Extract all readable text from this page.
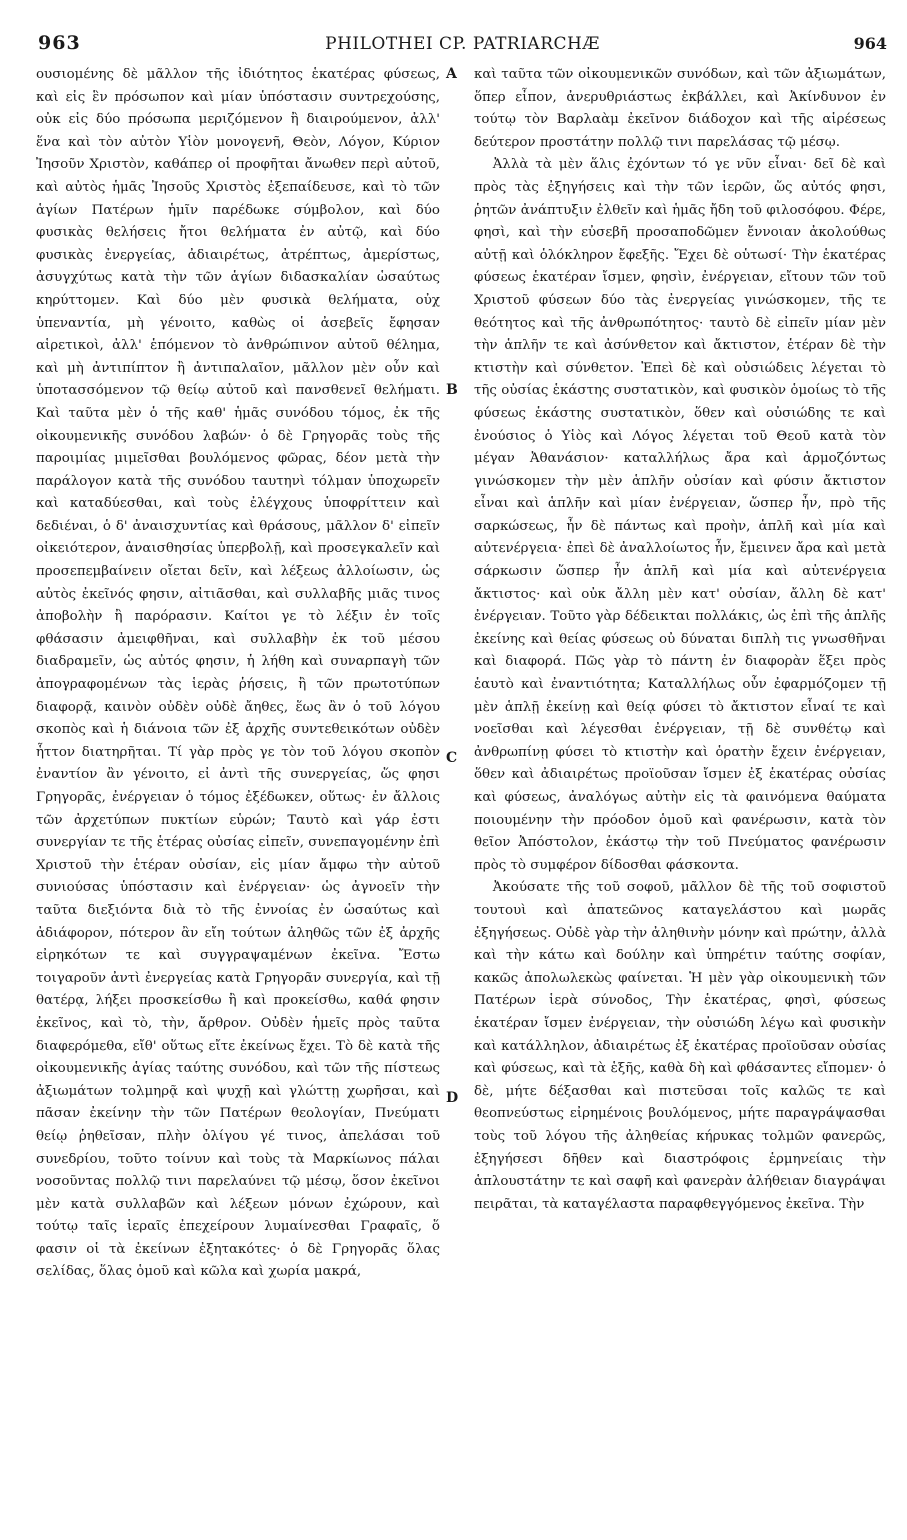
963	PHILOTHEI CP. PATRIARCHÆ	964

ουσιομένης δὲ μᾶλλον τῆς ἰδιότητος ἑκατέρας φύσεως, καὶ εἰς ἓν πρόσωπον καὶ μίαν ὑπόστασιν συντρεχούσης, οὐκ εἰς δύο πρόσωπα μεριζόμενον ἢ διαιρούμενον, ἀλλ' ἕνα καὶ τὸν αὐτὸν Υἱὸν μονογενῆ, Θεὸν, Λόγον, Κύριον Ἰησοῦν Χριστὸν, καθάπερ οἱ προφῆται ἄνωθεν περὶ αὐτοῦ, καὶ αὐτὸς ἡμᾶς Ἰησοῦς Χριστὸς ἐξεπαίδευσε, καὶ τὸ τῶν ἁγίων Πατέρων ἡμῖν παρέδωκε σύμβολον, καὶ δύο φυσικὰς θελήσεις ἤτοι θελήματα ἐν αὐτῷ, καὶ δύο φυσικὰς ἐνεργείας, ἀδιαιρέτως, ἀτρέπτως, ἀμερίστως, ἀσυγχύτως κατὰ τὴν τῶν ἁγίων διδασκαλίαν ὡσαύτως κηρύττομεν. Καὶ δύο μὲν φυσικὰ θελήματα, οὐχ ὑπεναντία, μὴ γένοιτο, καθὼς οἱ ἀσεβεῖς ἔφησαν αἱρετικοὶ, ἀλλ' ἑπόμενον τὸ ἀνθρώπινον αὐτοῦ θέλημα, καὶ μὴ ἀντιπίπτον ἢ ἀντιπαλαῖον, μᾶλλον μὲν οὖν καὶ ὑποτασσόμενον τῷ θείῳ αὐτοῦ καὶ πανσθενεῖ θελήματι. Καὶ ταῦτα μὲν ὁ τῆς καθ' ἡμᾶς συνόδου τόμος, ἐκ τῆς οἰκουμενικῆς συνόδου λαβών· ὁ δὲ Γρηγορᾶς τοὺς τῆς παροιμίας μιμεῖσθαι βουλόμενος φῶρας, δέον μετὰ τὴν παράλογον κατὰ τῆς συνόδου ταυτηνὶ τόλμαν ὑποχωρεῖν καὶ καταδύεσθαι, καὶ τοὺς ἐλέγχους ὑποφρίττειν καὶ δεδιέναι, ὁ δ' ἀναισχυντίας καὶ θράσους, μᾶλλον δ' εἰπεῖν οἰκειότερον, ἀναισθησίας ὑπερβολῇ, καὶ προσεγκαλεῖν καὶ προσεπεμβαίνειν οἴεται δεῖν, καὶ λέξεως ἀλλοίωσιν, ὡς αὐτὸς ἐκεῖνός φησιν, αἰτιᾶσθαι, καὶ συλλαβῆς μιᾶς τινος ἀποβολὴν ἢ παρόρασιν. Καίτοι γε τὸ λέξιν ἐν τοῖς φθάσασιν ἀμειφθῆναι, καὶ συλλαβὴν ἐκ τοῦ μέσου διαδραμεῖν, ὡς αὐτός φησιν, ἡ λήθη καὶ συναρπαγὴ τῶν ἀπογραφομένων τὰς ἱερὰς ῥήσεις, ἢ τῶν πρωτοτύπων διαφορᾷ, καινὸν οὐδὲν οὐδὲ ἄηθες, ἕως ἂν ὁ τοῦ λόγου σκοπὸς καὶ ἡ διάνοια τῶν ἐξ ἀρχῆς συντεθεικότων οὐδὲν ἧττον διατηρῆται. Τί γὰρ πρὸς γε τὸν τοῦ λόγου σκοπὸν ἐναντίον ἂν γένοιτο, εἰ ἀντὶ τῆς συνεργείας, ὥς φησι Γρηγορᾶς, ἐνέργειαν ὁ τόμος ἐξέδωκεν, οὕτως· ἐν ἄλλοις τῶν ἀρχετύπων πυκτίων εὑρών; Ταυτὸ καὶ γάρ ἐστι συνεργίαν τε τῆς ἑτέρας οὐσίας εἰπεῖν, συνεπαγομένην ἐπὶ Χριστοῦ τὴν ἑτέραν οὐσίαν, εἰς μίαν ἄμφω τὴν αὐτοῦ συνιούσας ὑπόστασιν καὶ ἐνέργειαν· ὡς ἀγνοεῖν τὴν ταῦτα διεξιόντα διὰ τὸ τῆς ἐννοίας ἐν ὡσαύτως καὶ ἀδιάφορον, πότερον ἂν εἴη τούτων ἀληθῶς τῶν ἐξ ἀρχῆς εἰρηκότων τε καὶ συγγραψαμένων ἐκεῖνα. Ἔστω τοιγαροῦν ἀντὶ ἐνεργείας κατὰ Γρηγορᾶν συνεργία, καὶ τῇ θατέρᾳ, λήξει προσκείσθω ἢ καὶ προκείσθω, καθά φησιν ἐκεῖνος, καὶ τὸ, τὴν, ἄρθρον. Οὐδὲν ἡμεῖς πρὸς ταῦτα διαφερόμεθα, εἴθ' οὕτως εἴτε ἐκείνως ἔχει. Τὸ δὲ κατὰ τῆς οἰκουμενικῆς ἁγίας ταύτης συνόδου, καὶ τῶν τῆς πίστεως ἀξιωμάτων τολμηρᾷ καὶ ψυχῇ καὶ γλώττῃ χωρῆσαι, καὶ πᾶσαν ἐκείνην τὴν τῶν Πατέρων θεολογίαν, Πνεύματι θείῳ ῥηθεῖσαν, πλὴν ὀλίγου γέ τινος, ἀπελάσαι τοῦ συνεδρίου, τοῦτο τοίνυν καὶ τοὺς τὰ Μαρκίωνος πάλαι νοσοῦντας πολλῷ τινι παρελαύνει τῷ μέσῳ, ὅσον ἐκεῖνοι μὲν κατὰ συλλαβῶν καὶ λέξεων μόνων ἐχώρουν, καὶ τούτῳ ταῖς ἱεραῖς ἐπεχείρουν λυμαίνεσθαι Γραφαῖς, ὅ φασιν οἱ τὰ ἐκείνων ἐξητακότες· ὁ δὲ Γρηγορᾶς ὅλας σελίδας, ὅλας ὁμοῦ καὶ κῶλα καὶ χωρία μακρά,

A
B
C
D

καὶ ταῦτα τῶν οἰκουμενικῶν συνόδων, καὶ τῶν ἀξιωμάτων, ὅπερ εἶπον, ἀνερυθριάστως ἐκβάλλει, καὶ Ἀκίνδυνον ἐν τούτῳ τὸν Βαρλαὰμ ἐκεῖνον διάδοχον καὶ τῆς αἱρέσεως δεύτερον προστάτην πολλῷ τινι παρελάσας τῷ μέσῳ.

Ἀλλὰ τὰ μὲν ἅλις ἐχόντων τό γε νῦν εἶναι· δεῖ δὲ καὶ πρὸς τὰς ἐξηγήσεις καὶ τὴν τῶν ἱερῶν, ὥς αὐτός φησι, ῥητῶν ἀνάπτυξιν ἐλθεῖν καὶ ἡμᾶς ἤδη τοῦ φιλοσόφου. Φέρε, φησὶ, καὶ τὴν εὐσεβῆ προσαποδῶμεν ἔννοιαν ἀκολούθως αὐτῇ καὶ ὁλόκληρον ἔφεξῆς. Ἔχει δὲ οὑτωσί· Τὴν ἑκατέρας φύσεως ἑκατέραν ἴσμεν, φησὶν, ἐνέργειαν, εἴτουν τῶν τοῦ Χριστοῦ φύσεων δύο τὰς ἐνεργείας γινώσκομεν, τῆς τε θεότητος καὶ τῆς ἀνθρωπότητος· ταυτὸ δὲ εἰπεῖν μίαν μὲν τὴν ἁπλῆν τε καὶ ἀσύνθετον καὶ ἄκτιστον, ἑτέραν δὲ τὴν κτιστὴν καὶ σύνθετον. Ἐπεὶ δὲ καὶ οὐσιώδεις λέγεται τὸ τῆς οὐσίας ἑκάστης συστατικὸν, καὶ φυσικὸν ὁμοίως τὸ τῆς φύσεως ἑκάστης συστατικὸν, ὅθεν καὶ οὐσιώδης τε καὶ ἐνούσιος ὁ Υἱὸς καὶ Λόγος λέγεται τοῦ Θεοῦ κατὰ τὸν μέγαν Ἀθανάσιον· καταλλήλως ἄρα καὶ ἁρμοζόντως γινώσκομεν τὴν μὲν ἁπλῆν οὐσίαν καὶ φύσιν ἄκτιστον εἶναι καὶ ἁπλῆν καὶ μίαν ἐνέργειαν, ὥσπερ ἦν, πρὸ τῆς σαρκώσεως, ἦν δὲ πάντως καὶ προὴν, ἁπλῆ καὶ μία καὶ αὐτενέργεια· ἐπεὶ δὲ ἀναλλοίωτος ἦν, ἔμεινεν ἄρα καὶ μετὰ σάρκωσιν ὥσπερ ἦν ἁπλῆ καὶ μία καὶ αὐτενέργεια ἄκτιστος· καὶ οὐκ ἄλλη μὲν κατ' οὐσίαν, ἄλλη δὲ κατ' ἐνέργειαν. Τοῦτο γὰρ δέδεικται πολλάκις, ὡς ἐπὶ τῆς ἁπλῆς ἐκείνης καὶ θείας φύσεως οὐ δύναται διπλὴ τις γνωσθῆναι καὶ διαφορά. Πῶς γὰρ τὸ πάντη ἐν διαφορὰν ἕξει πρὸς ἑαυτὸ καὶ ἐναντιότητα; Καταλλήλως οὖν ἐφαρμόζομεν τῇ μὲν ἁπλῇ ἐκείνῃ καὶ θείᾳ φύσει τὸ ἄκτιστον εἶναί τε καὶ νοεῖσθαι καὶ λέγεσθαι ἐνέργειαν, τῇ δὲ συνθέτῳ καὶ ἀνθρωπίνῃ φύσει τὸ κτιστὴν καὶ ὁρατὴν ἔχειν ἐνέργειαν, ὅθεν καὶ ἀδιαιρέτως προϊοῦσαν ἴσμεν ἐξ ἑκατέρας οὐσίας καὶ φύσεως, ἀναλόγως αὐτὴν εἰς τὰ φαινόμενα θαύματα ποιουμένην τὴν πρόοδον ὁμοῦ καὶ φανέρωσιν, κατὰ τὸν θεῖον Ἀπόστολον, ἑκάστῳ τὴν τοῦ Πνεύματος φανέρωσιν πρὸς τὸ συμφέρον δίδοσθαι φάσκοντα.

Ἀκούσατε τῆς τοῦ σοφοῦ, μᾶλλον δὲ τῆς τοῦ σοφιστοῦ τουτουὶ καὶ ἀπατεῶνος καταγελάστου καὶ μωρᾶς ἐξηγήσεως. Οὐδὲ γὰρ τὴν ἀληθινὴν μόνην καὶ πρώτην, ἀλλὰ καὶ τὴν κάτω καὶ δούλην καὶ ὑπηρέτιν ταύτης σοφίαν, κακῶς ἀπολωλεκὼς φαίνεται. Ἡ μὲν γὰρ οἰκουμενικὴ τῶν Πατέρων ἱερὰ σύνοδος, Τὴν ἑκατέρας, φησὶ, φύσεως ἑκατέραν ἴσμεν ἐνέργειαν, τὴν οὐσιώδη λέγω καὶ φυσικὴν καὶ κατάλληλον, ἀδιαιρέτως ἐξ ἑκατέρας προϊοῦσαν οὐσίας καὶ φύσεως, καὶ τὰ ἑξῆς, καθὰ δὴ καὶ φθάσαντες εἴπομεν· ὁ δὲ, μήτε δέξασθαι καὶ πιστεῦσαι τοῖς καλῶς τε καὶ θεοπνεύστως εἰρημένοις βουλόμενος, μήτε παραγράψασθαι τοὺς τοῦ λόγου τῆς ἀληθείας κήρυκας τολμῶν φανερῶς, ἐξηγήσεσι δῆθεν καὶ διαστρόφοις ἑρμηνείαις τὴν ἁπλουστάτην τε καὶ σαφῆ καὶ φανερὰν ἀλήθειαν διαγράψαι πειρᾶται, τὰ καταγέλαστα παραφθεγγόμενος ἐκεῖνα. Τὴν
